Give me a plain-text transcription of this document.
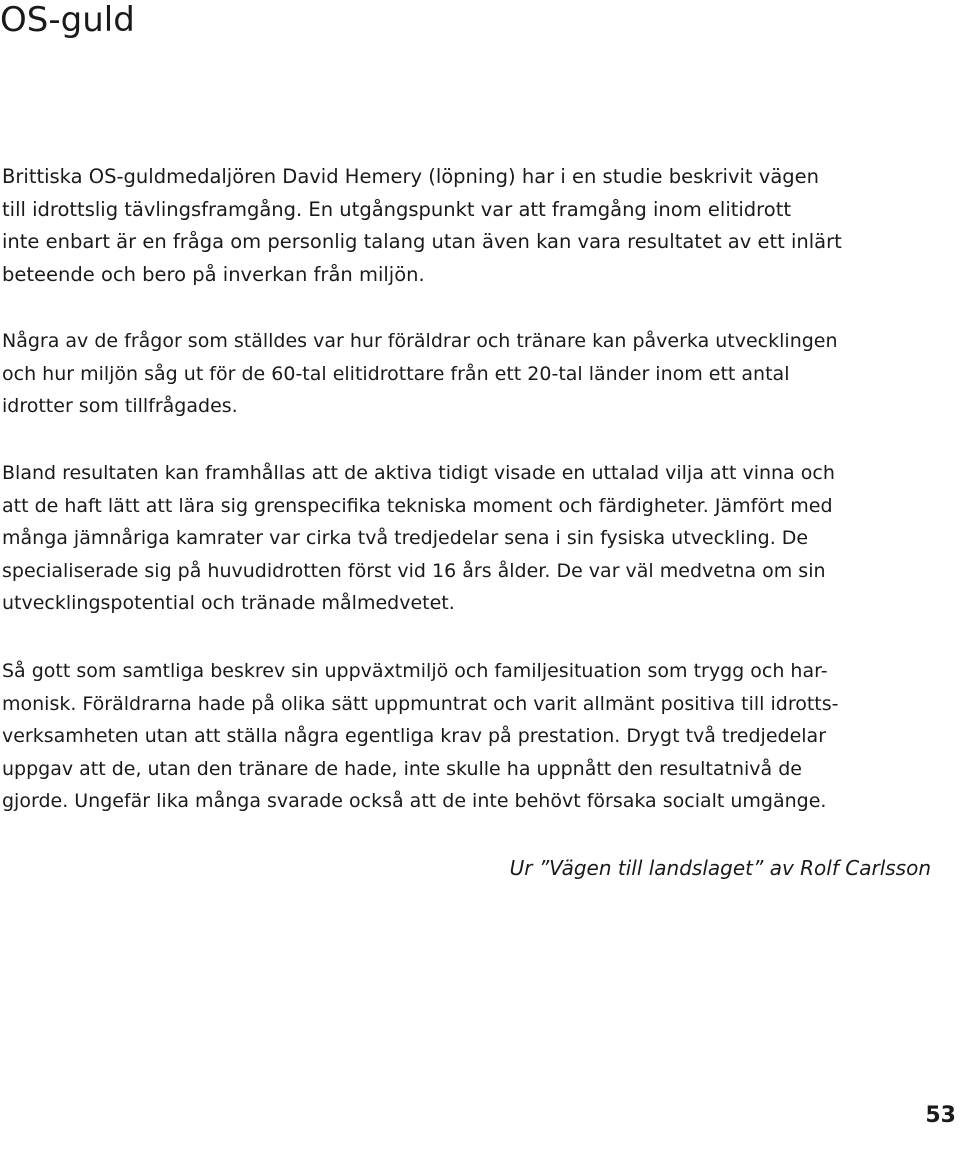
OS-guld

Brittiska OS-guldmedaljören David Hemery (löpning) har i en studie beskrivit vägen
till idrottslig tävlingsframgång. En utgångspunkt var att framgång inom elitidrott
inte enbart är en fråga om personlig talang utan även kan vara resultatet av ett inlärt
beteende och bero på inverkan från miljön.

Några av de frågor som ställdes var hur föräldrar och tränare kan påverka utvecklingen
och hur miljön såg ut för de 60-tal elitidrottare från ett 20-tal länder inom ett antal
idrotter som tillfrågades.

Bland resultaten kan framhållas att de aktiva tidigt visade en uttalad vilja att vinna och
att de haft lätt att lära sig grenspecifika tekniska moment och färdigheter. Jämfört med
många jämnåriga kamrater var cirka två tredjedelar sena i sin fysiska utveckling. De
specialiserade sig på huvudidrotten först vid 16 års ålder. De var väl medvetna om sin
utvecklingspotential och tränade målmedvetet.

Så gott som samtliga beskrev sin uppväxtmiljö och familjesituation som trygg och har-
monisk. Föräldrarna hade på olika sätt uppmuntrat och varit allmänt positiva till idrotts-
verksamheten utan att ställa några egentliga krav på prestation. Drygt två tredjedelar
uppgav att de, utan den tränare de hade, inte skulle ha uppnått den resultatnivå de
gjorde. Ungefär lika många svarade också att de inte behövt försaka socialt umgänge.

Ur ”Vägen till landslaget” av Rolf Carlsson

53
